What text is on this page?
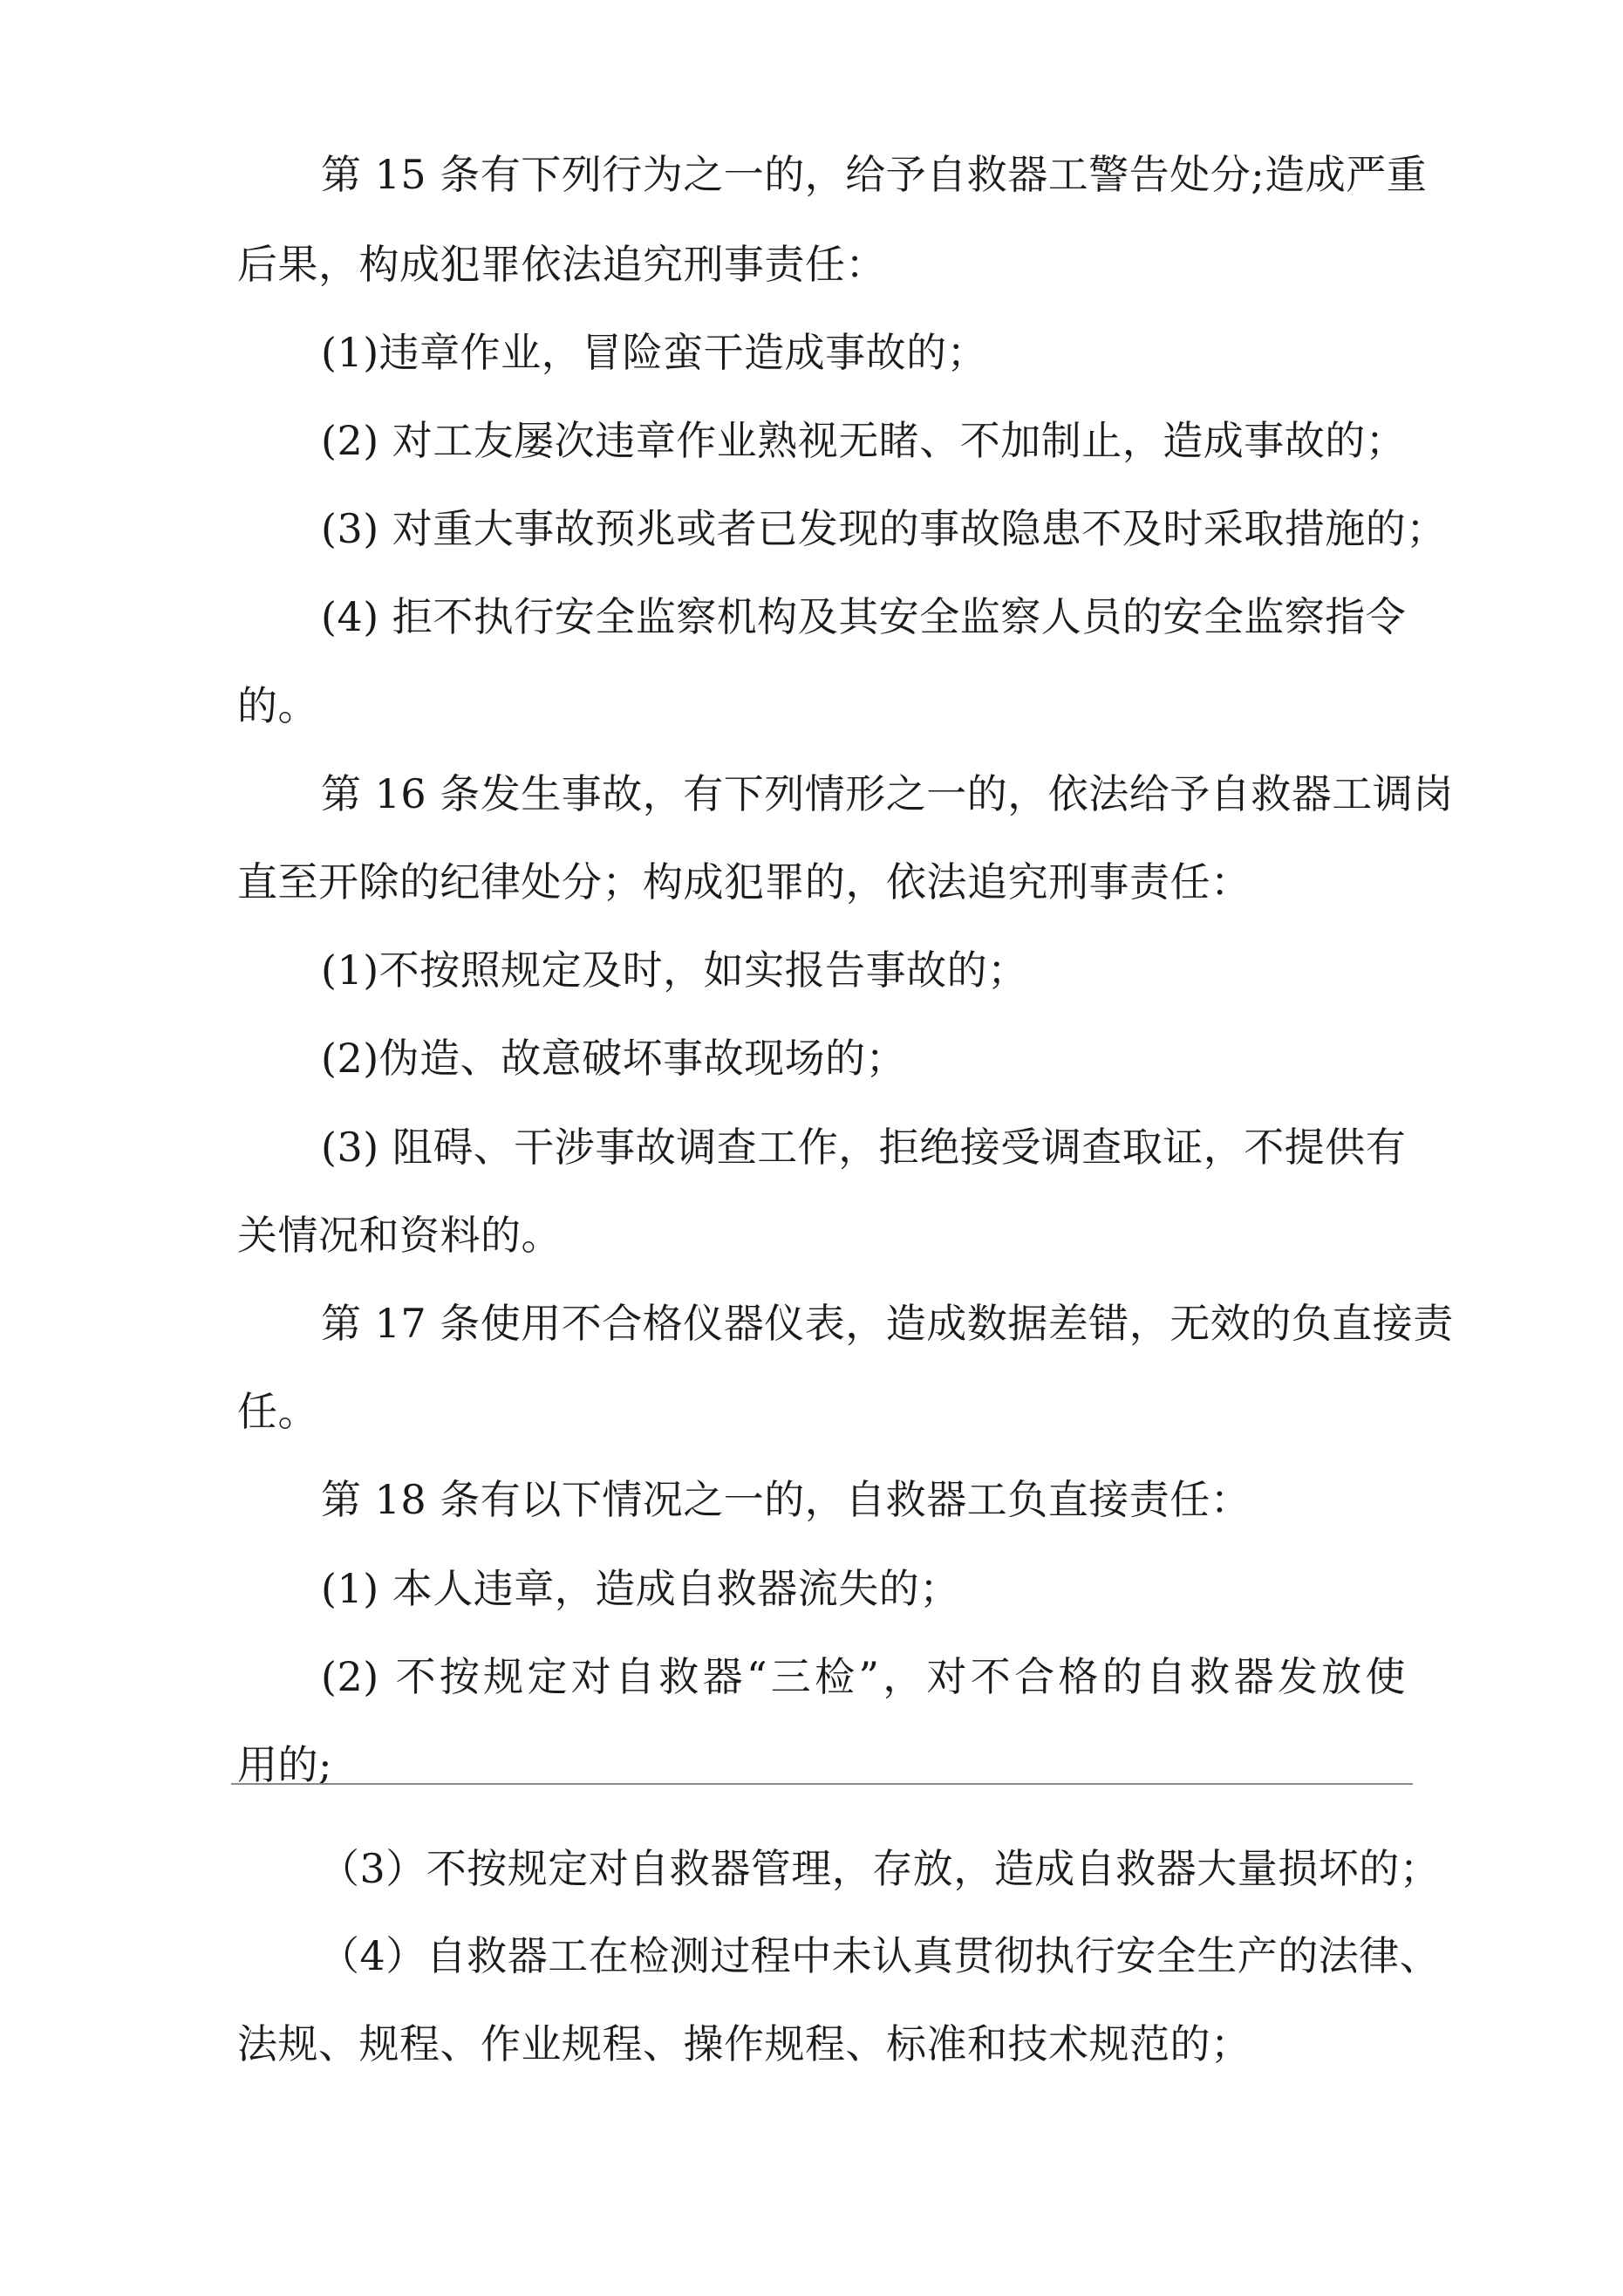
第 15 条有下列行为之一的，给予自救器工警告处分;造成严重
后果，构成犯罪依法追究刑事责任：
(1)违章作业，冒险蛮干造成事故的；
(2) 对工友屡次违章作业熟视无睹、不加制止，造成事故的；
(3) 对重大事故预兆或者已发现的事故隐患不及时采取措施的；
(4) 拒不执行安全监察机构及其安全监察人员的安全监察指令
的。
第 16 条发生事故，有下列情形之一的，依法给予自救器工调岗
直至开除的纪律处分；构成犯罪的，依法追究刑事责任：
(1)不按照规定及时，如实报告事故的；
(2)伪造、故意破坏事故现场的；
(3) 阻碍、干涉事故调查工作，拒绝接受调查取证，不提供有
关情况和资料的。
第 17 条使用不合格仪器仪表，造成数据差错，无效的负直接责
任。
第 18 条有以下情况之一的，自救器工负直接责任：
(1) 本人违章，造成自救器流失的；
(2) 不按规定对自救器“三检”，对不合格的自救器发放使
用的;
（3）不按规定对自救器管理，存放，造成自救器大量损坏的；
（4）自救器工在检测过程中未认真贯彻执行安全生产的法律、
法规、规程、作业规程、操作规程、标准和技术规范的；
